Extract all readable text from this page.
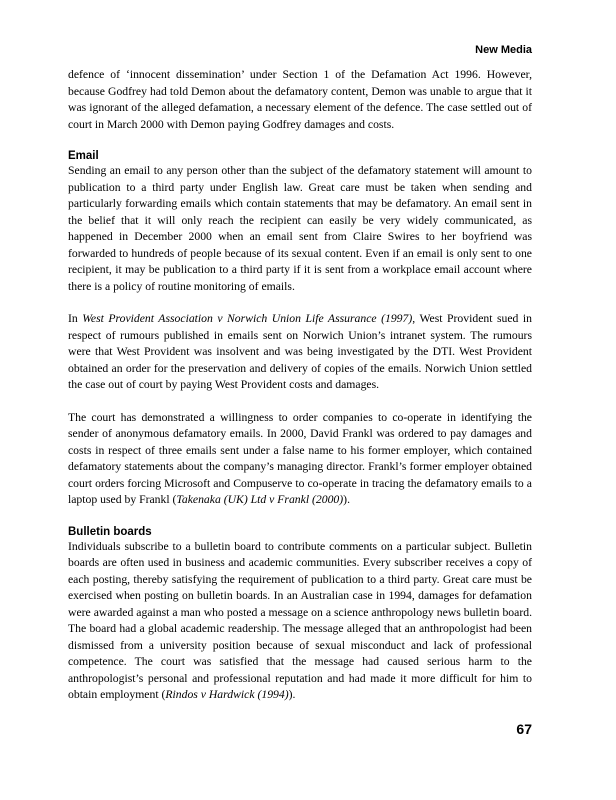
New Media

defence of ‘innocent dissemination’ under Section 1 of the Defamation Act 1996. However, because Godfrey had told Demon about the defamatory content, Demon was unable to argue that it was ignorant of the alleged defamation, a necessary element of the defence. The case settled out of court in March 2000 with Demon paying Godfrey damages and costs.

Email

Sending an email to any person other than the subject of the defamatory statement will amount to publication to a third party under English law. Great care must be taken when sending and particularly forwarding emails which contain statements that may be defamatory. An email sent in the belief that it will only reach the recipient can easily be very widely communicated, as happened in December 2000 when an email sent from Claire Swires to her boyfriend was forwarded to hundreds of people because of its sexual content. Even if an email is only sent to one recipient, it may be publication to a third party if it is sent from a workplace email account where there is a policy of routine monitoring of emails.

In West Provident Association v Norwich Union Life Assurance (1997), West Provident sued in respect of rumours published in emails sent on Norwich Union’s intranet system. The rumours were that West Provident was insolvent and was being investigated by the DTI. West Provident obtained an order for the preservation and delivery of copies of the emails. Norwich Union settled the case out of court by paying West Provident costs and damages.

The court has demonstrated a willingness to order companies to co-operate in identifying the sender of anonymous defamatory emails. In 2000, David Frankl was ordered to pay damages and costs in respect of three emails sent under a false name to his former employer, which contained defamatory statements about the company’s managing director. Frankl’s former employer obtained court orders forcing Microsoft and Compuserve to co-operate in tracing the defamatory emails to a laptop used by Frankl (Takenaka (UK) Ltd v Frankl (2000)).

Bulletin boards

Individuals subscribe to a bulletin board to contribute comments on a particular subject. Bulletin boards are often used in business and academic communities. Every subscriber receives a copy of each posting, thereby satisfying the requirement of publication to a third party. Great care must be exercised when posting on bulletin boards. In an Australian case in 1994, damages for defamation were awarded against a man who posted a message on a science anthropology news bulletin board. The board had a global academic readership. The message alleged that an anthropologist had been dismissed from a university position because of sexual misconduct and lack of professional competence. The court was satisfied that the message had caused serious harm to the anthropologist’s personal and professional reputation and had made it more difficult for him to obtain employment (Rindos v Hardwick (1994)).

67
